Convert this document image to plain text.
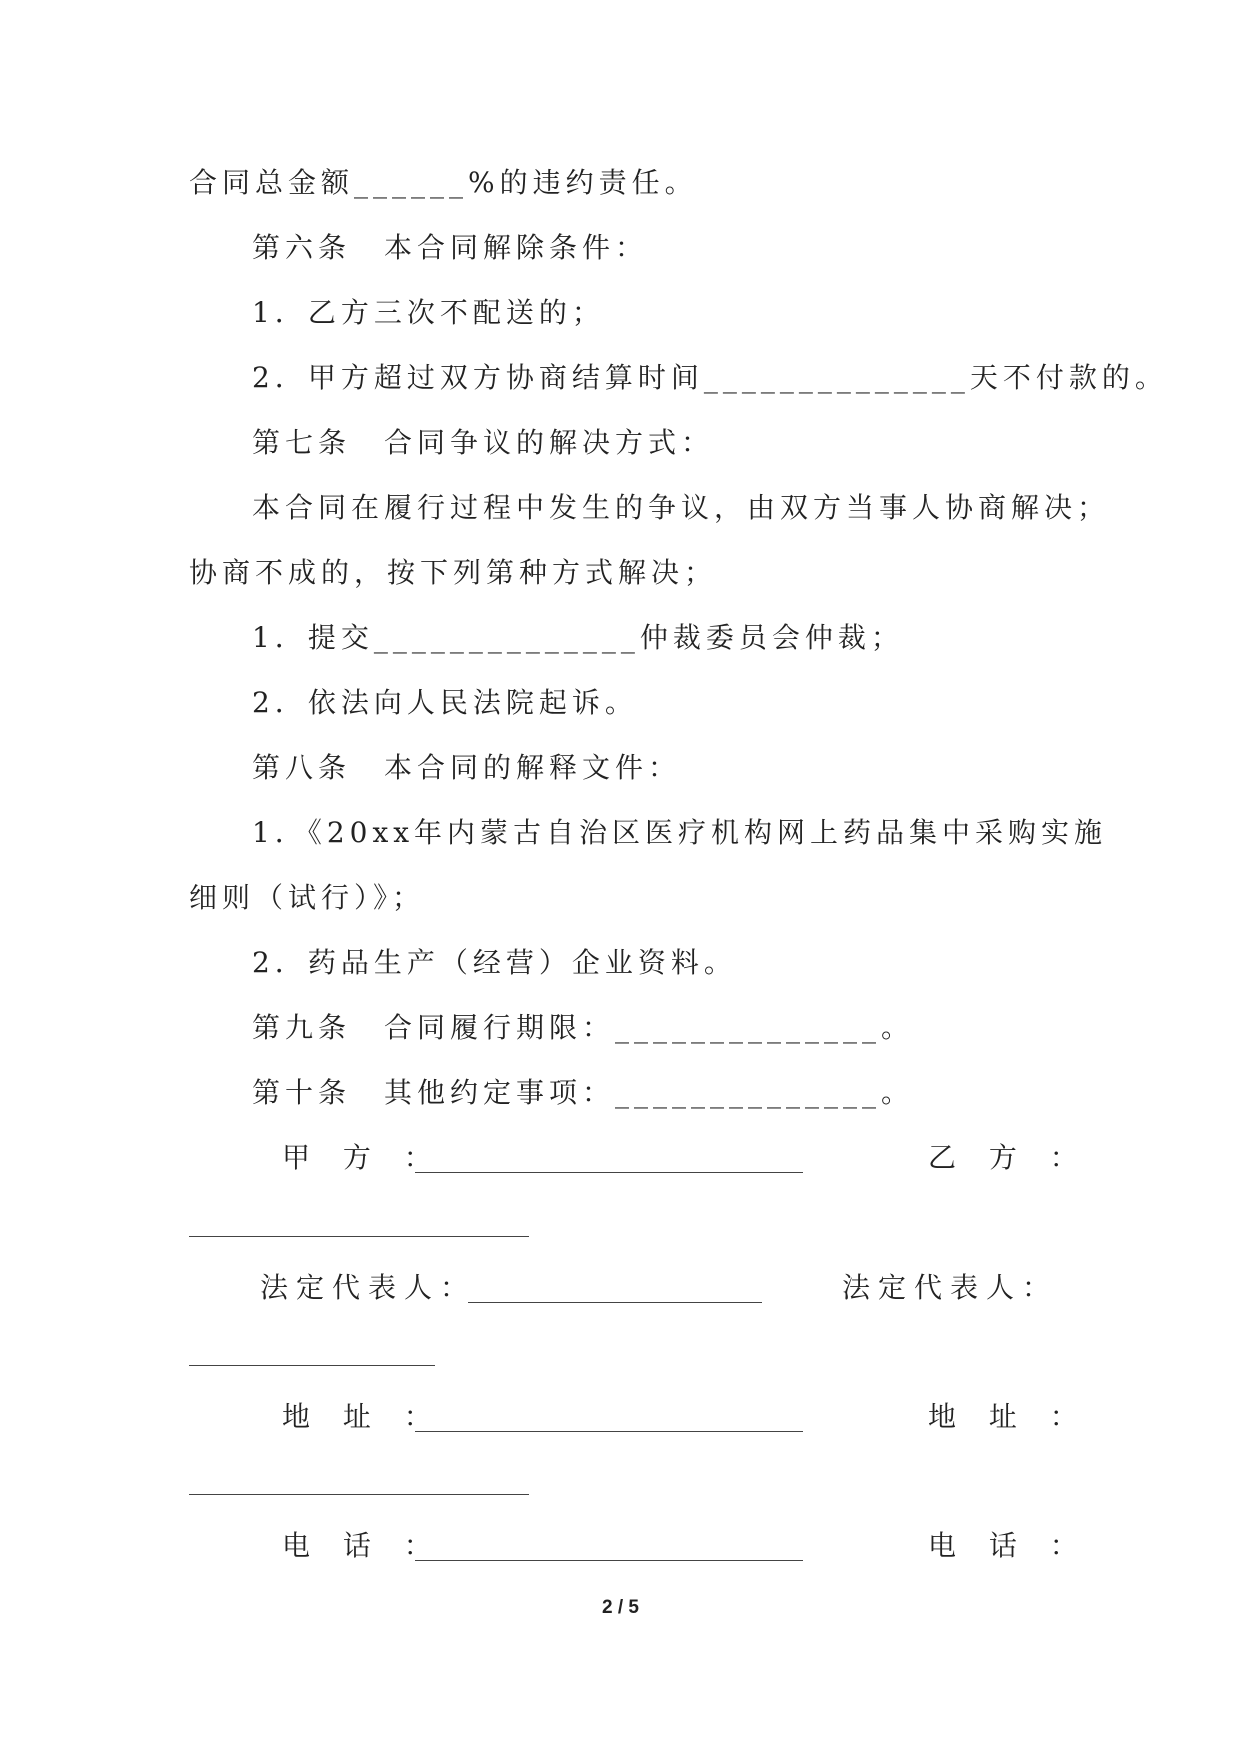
合同总金额______%的违约责任。

第六条　本合同解除条件：

1．乙方三次不配送的；

2．甲方超过双方协商结算时间______________天不付款的。

第七条　合同争议的解决方式：

本合同在履行过程中发生的争议，由双方当事人协商解决；

协商不成的，按下列第种方式解决；

1．提交______________仲裁委员会仲裁；

2．依法向人民法院起诉。

第八条　本合同的解释文件：

1．《20xx年内蒙古自治区医疗机构网上药品集中采购实施

细则（试行）》；

2．药品生产（经营）企业资料。

第九条　合同履行期限：______________。

第十条　其他约定事项：______________。

甲 方 ：	乙 方 ：
法定代表人：	法定代表人：
地 址 ：	地 址 ：
电 话 ：	电 话 ：
2 / 5
